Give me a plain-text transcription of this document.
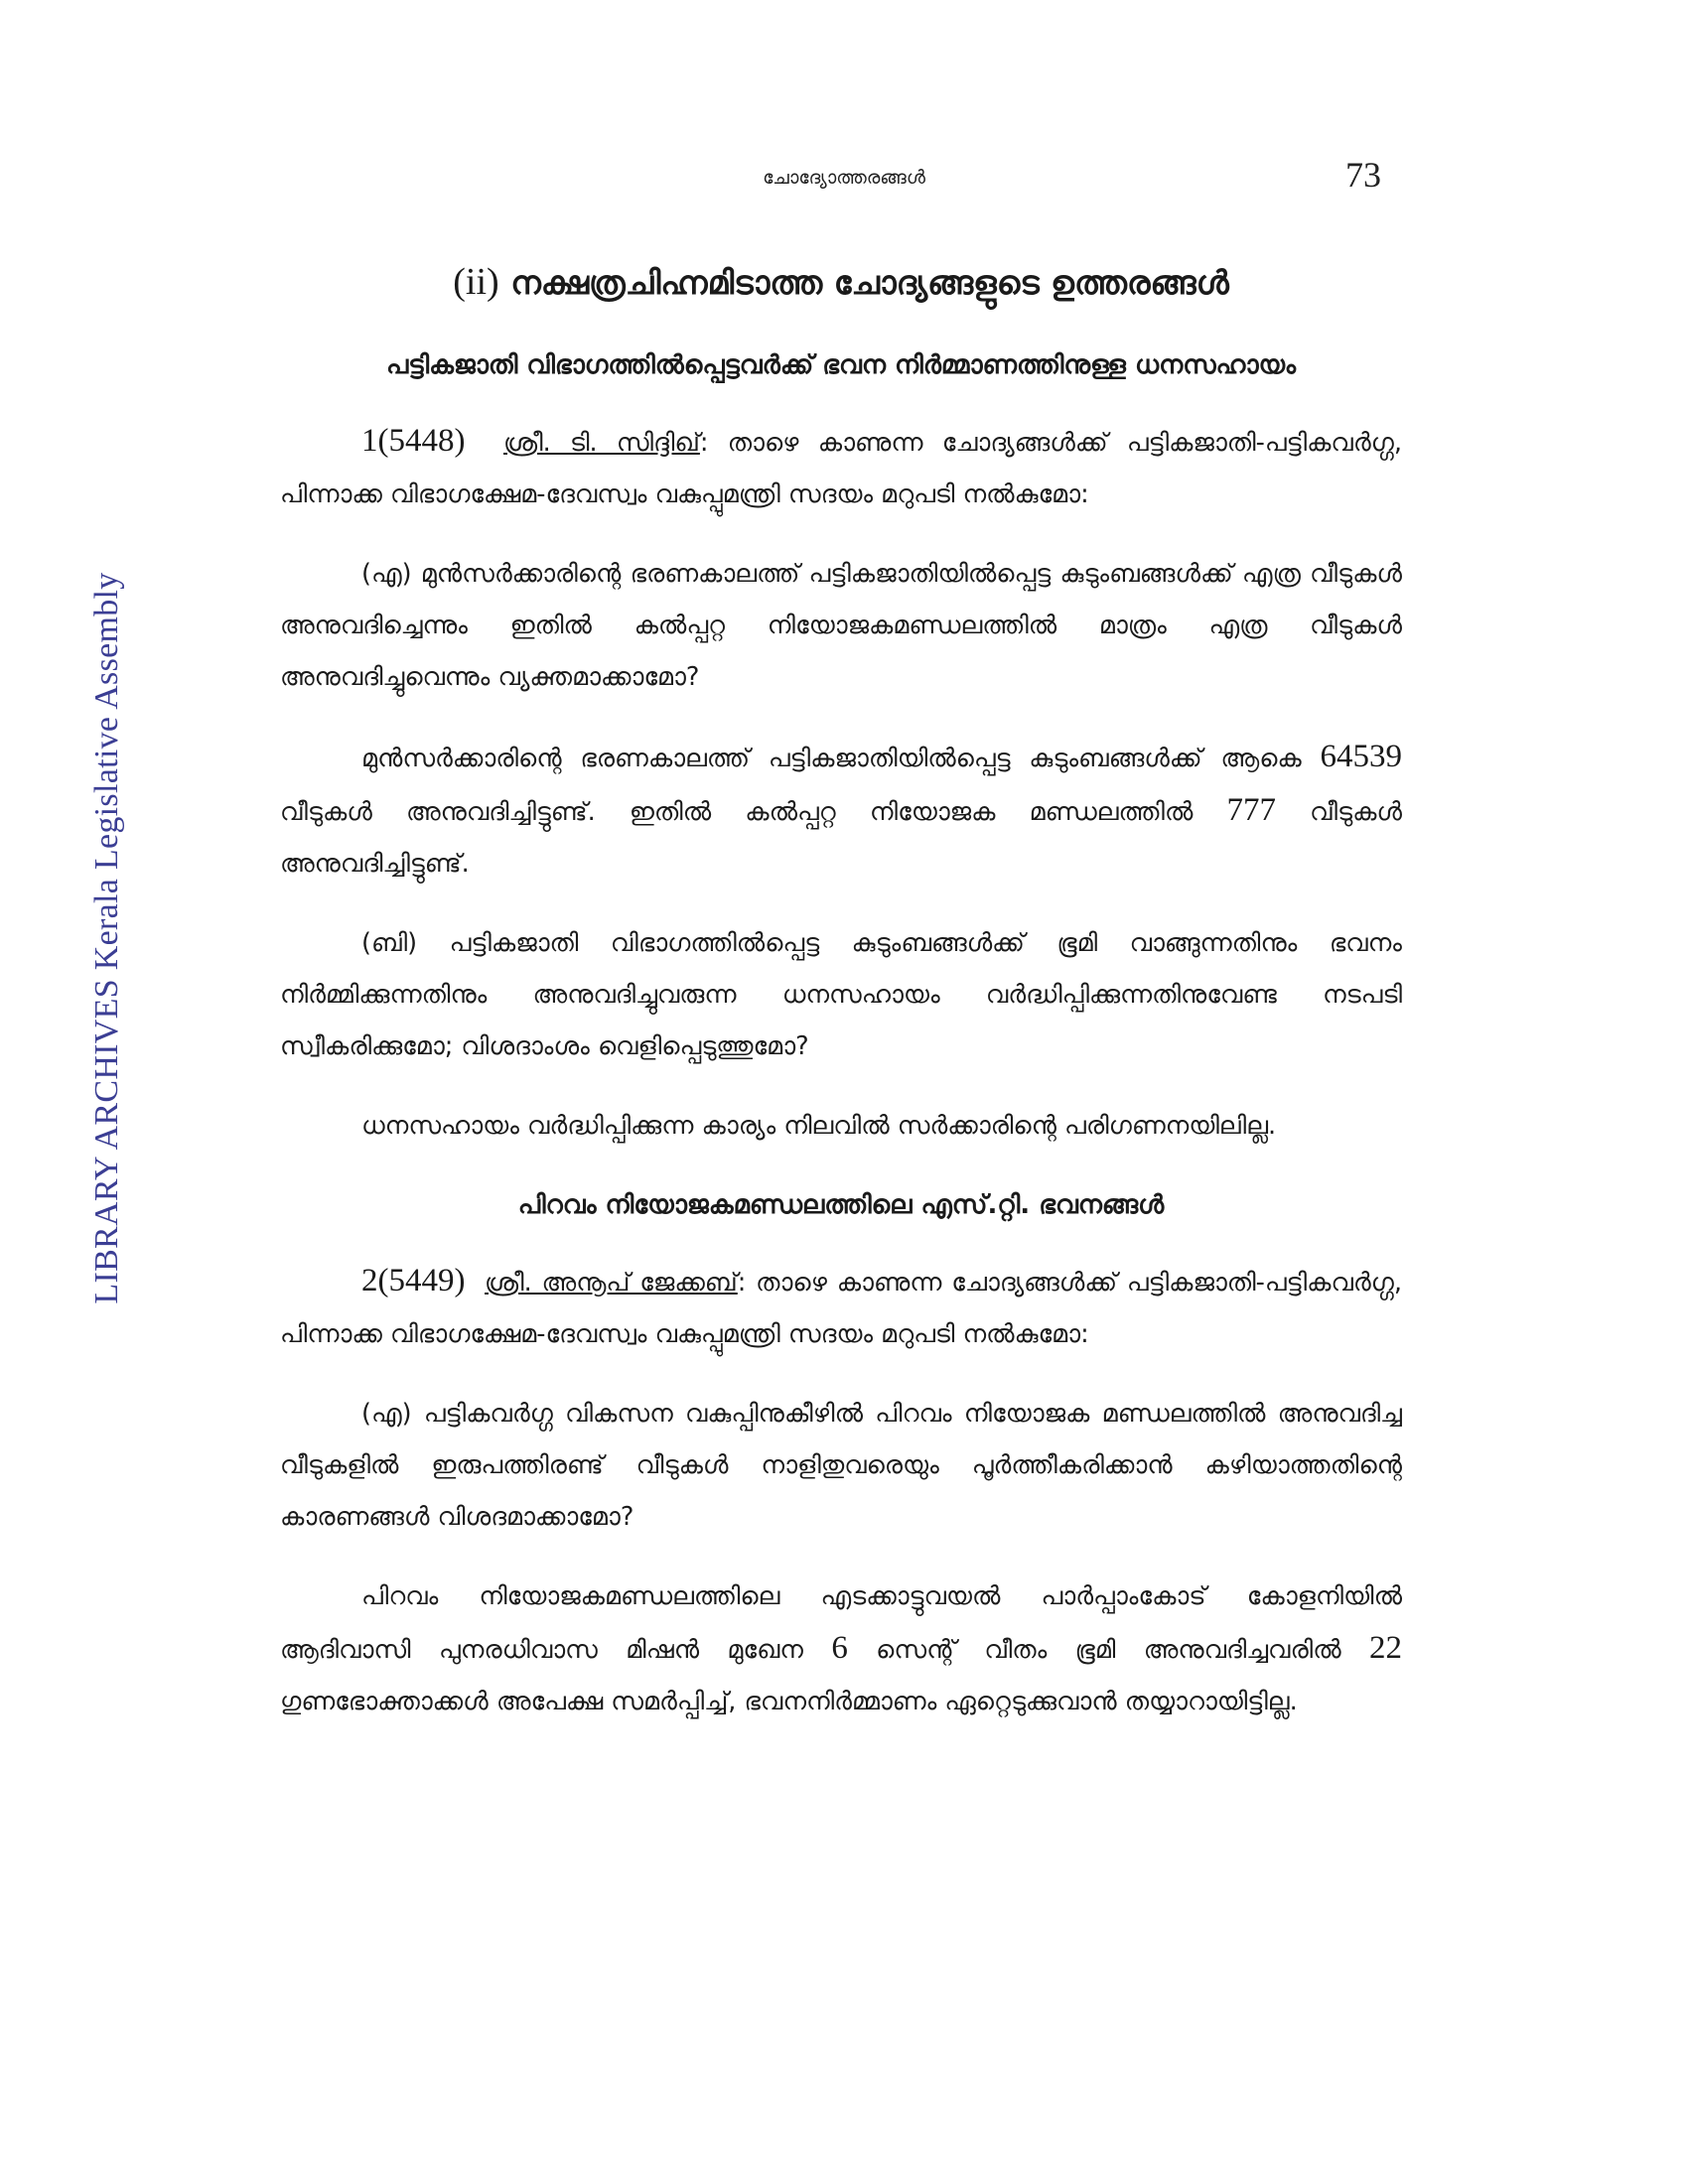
LIBRARY ARCHIVES Kerala Legislative Assembly
ചോദ്യോത്തരങ്ങൾ	73
(ii) നക്ഷത്രചിഹ്നമിടാത്ത ചോദ്യങ്ങളുടെ ഉത്തരങ്ങൾ
പട്ടികജാതി വിഭാഗത്തിൽപ്പെട്ടവർക്ക് ഭവന നിർമ്മാണത്തിനുള്ള ധനസഹായം

1(5448) ശ്രീ. ടി. സിദ്ദിഖ്: താഴെ കാണുന്ന ചോദ്യങ്ങൾക്ക് പട്ടികജാതി-പട്ടികവർഗ്ഗ, പിന്നാക്ക വിഭാഗക്ഷേമ-ദേവസ്വം വകുപ്പുമന്ത്രി സദയം മറുപടി നൽകുമോ:

(എ) മുൻസർക്കാരിന്റെ ഭരണകാലത്ത് പട്ടികജാതിയിൽപ്പെട്ട കുടുംബങ്ങൾക്ക് എത്ര വീടുകൾ അനുവദിച്ചെന്നും ഇതിൽ കൽപ്പറ്റ നിയോജകമണ്ഡലത്തിൽ മാത്രം എത്ര വീടുകൾ അനുവദിച്ചുവെന്നും വ്യക്തമാക്കാമോ?

മുൻസർക്കാരിന്റെ ഭരണകാലത്ത് പട്ടികജാതിയിൽപ്പെട്ട കുടുംബങ്ങൾക്ക് ആകെ 64539 വീടുകൾ അനുവദിച്ചിട്ടുണ്ട്. ഇതിൽ കൽപ്പറ്റ നിയോജക മണ്ഡലത്തിൽ 777 വീടുകൾ അനുവദിച്ചിട്ടുണ്ട്.

(ബി) പട്ടികജാതി വിഭാഗത്തിൽപ്പെട്ട കുടുംബങ്ങൾക്ക് ഭൂമി വാങ്ങുന്നതിനും ഭവനം നിർമ്മിക്കുന്നതിനും അനുവദിച്ചുവരുന്ന ധനസഹായം വർദ്ധിപ്പിക്കുന്നതിനുവേണ്ട നടപടി സ്വീകരിക്കുമോ; വിശദാംശം വെളിപ്പെടുത്തുമോ?

ധനസഹായം വർദ്ധിപ്പിക്കുന്ന കാര്യം നിലവിൽ സർക്കാരിന്റെ പരിഗണനയിലില്ല.

പിറവം നിയോജകമണ്ഡലത്തിലെ എസ്.റ്റി. ഭവനങ്ങൾ

2(5449) ശ്രീ. അനൂപ് ജേക്കബ്: താഴെ കാണുന്ന ചോദ്യങ്ങൾക്ക് പട്ടികജാതി-പട്ടികവർഗ്ഗ, പിന്നാക്ക വിഭാഗക്ഷേമ-ദേവസ്വം വകുപ്പുമന്ത്രി സദയം മറുപടി നൽകുമോ:

(എ) പട്ടികവർഗ്ഗ വികസന വകുപ്പിനുകീഴിൽ പിറവം നിയോജക മണ്ഡലത്തിൽ അനുവദിച്ച വീടുകളിൽ ഇരുപത്തിരണ്ട് വീടുകൾ നാളിതുവരെയും പൂർത്തീകരിക്കാൻ കഴിയാത്തതിന്റെ കാരണങ്ങൾ വിശദമാക്കാമോ?

പിറവം നിയോജകമണ്ഡലത്തിലെ എടക്കാട്ടുവയൽ പാർപ്പാംകോട് കോളനിയിൽ ആദിവാസി പുനരധിവാസ മിഷൻ മുഖേന 6 സെന്റ് വീതം ഭൂമി അനുവദിച്ചവരിൽ 22 ഗുണഭോക്താക്കൾ അപേക്ഷ സമർപ്പിച്ച്, ഭവനനിർമ്മാണം ഏറ്റെടുക്കുവാൻ തയ്യാറായിട്ടില്ല.
